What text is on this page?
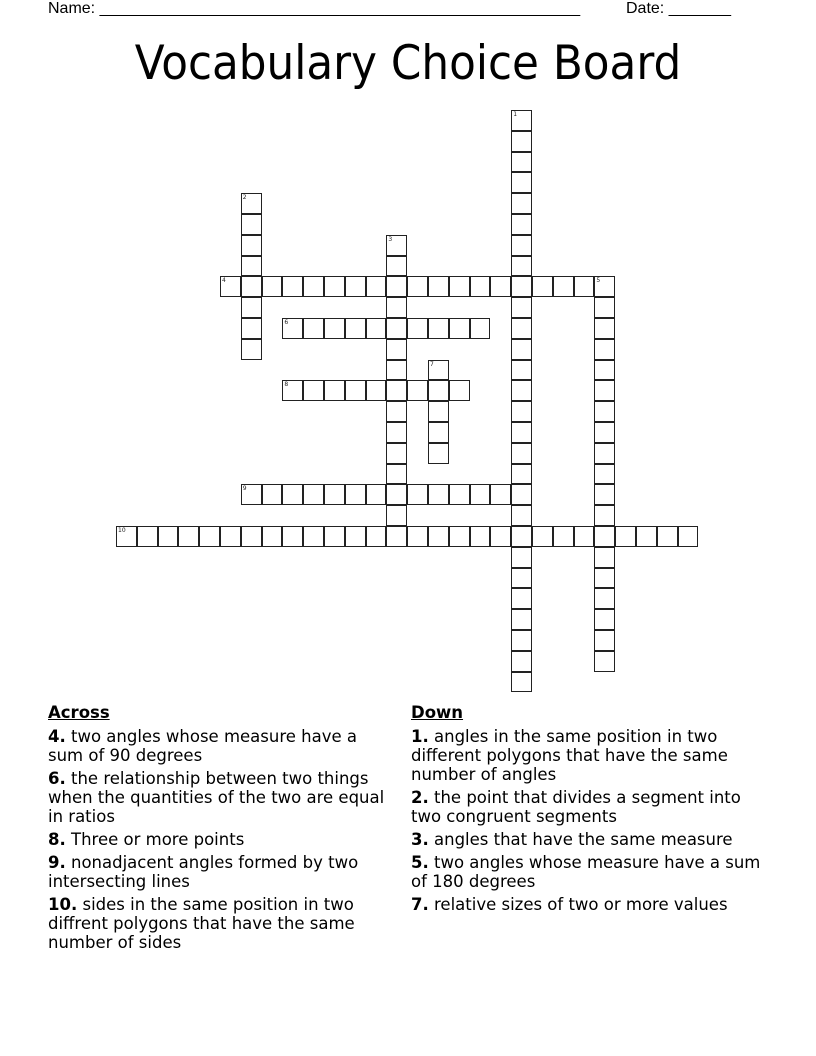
Name: ______________________________________________________	Date: _______
Vocabulary Choice Board
1
2
3
4	5
6
7
8
9
10
Across
4. two angles whose measure have a sum of 90 degrees
6. the relationship between two things when the quantities of the two are equal in ratios
8. Three or more points
9. nonadjacent angles formed by two intersecting lines
10. sides in the same position in two diffrent polygons that have the same number of sides
Down
1. angles in the same position in two different polygons that have the same number of angles
2. the point that divides a segment into two congruent segments
3. angles that have the same measure
5. two angles whose measure have a sum of 180 degrees
7. relative sizes of two or more values
